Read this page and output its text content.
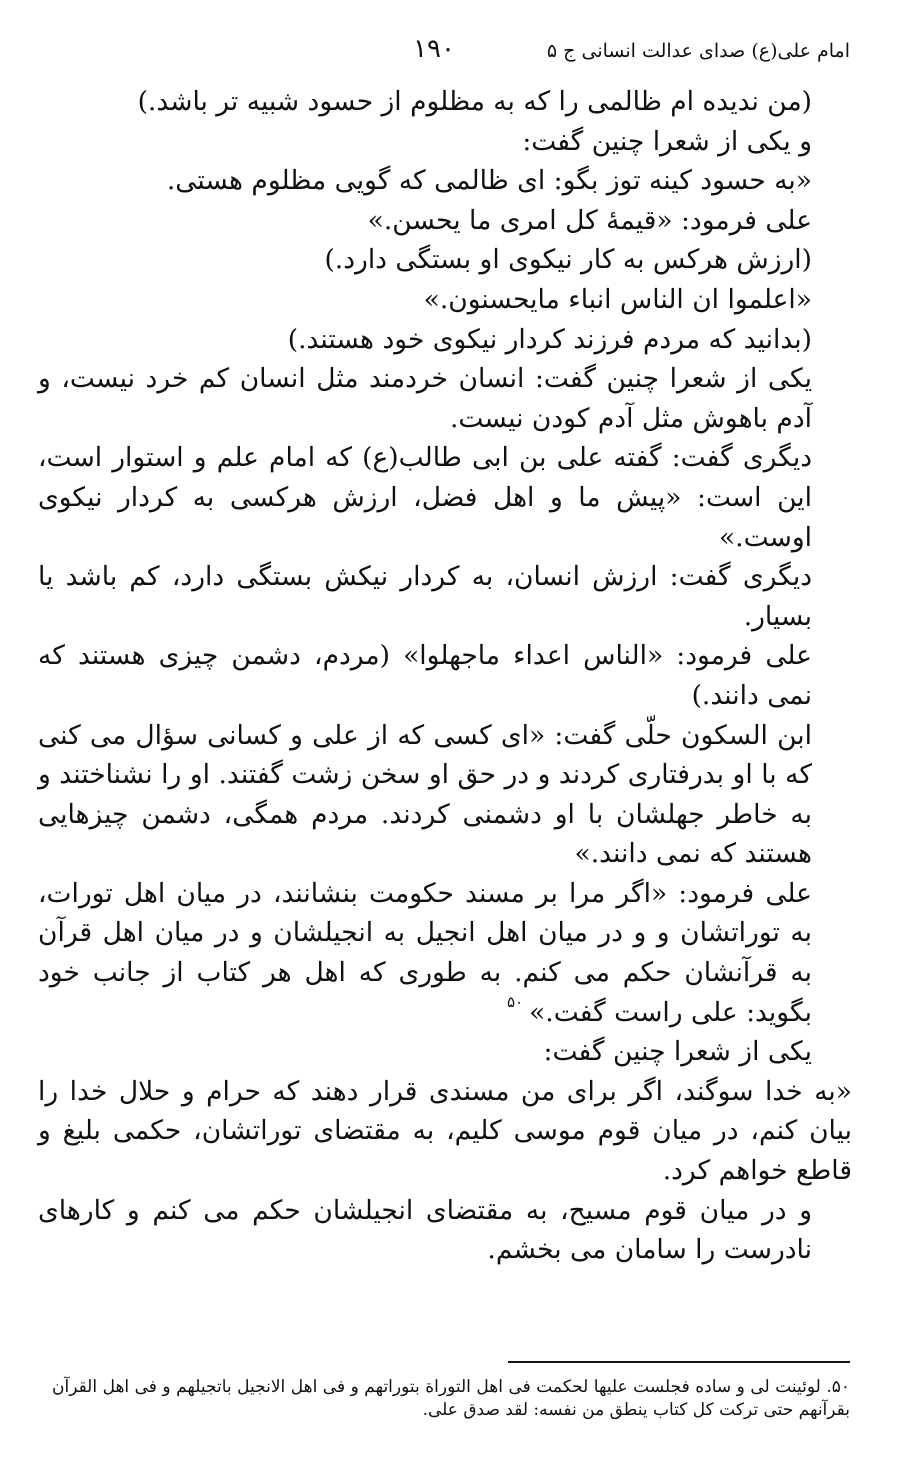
امام علی(ع) صدای عدالت انسانی ج ۵
۱۹۰

(من ندیده ام ظالمی را که به مظلوم از حسود شبیه تر باشد.)

و یکی از شعرا چنین گفت:

«به حسود کینه توز بگو: ای ظالمی که گویی مظلوم هستی.

علی فرمود: «قیمۀ کل امری ما یحسن.»

(ارزش هرکس به کار نیکوی او بستگی دارد.)

«اعلموا ان الناس انباء مایحسنون.»

(بدانید که مردم فرزند کردار نیکوی خود هستند.)

یکی از شعرا چنین گفت: انسان خردمند مثل انسان کم خرد نیست، و آدم باهوش مثل آدم کودن نیست.

دیگری گفت: گفته علی بن ابی طالب(ع) که امام علم و استوار است، این است: «پیش ما و اهل فضل، ارزش هرکسی به کردار نیکوی اوست.»

دیگری گفت: ارزش انسان، به کردار نیکش بستگی دارد، کم باشد یا بسیار.

علی فرمود: «الناس اعداء ماجهلوا» (مردم، دشمن چیزی هستند که نمی دانند.)

ابن السکون حلّی گفت: «ای کسی که از علی و کسانی سؤال می کنی که با او بدرفتاری کردند و در حق او سخن زشت گفتند. او را نشناختند و به خاطر جهلشان با او دشمنی کردند. مردم همگی، دشمن چیزهایی هستند که نمی دانند.»

علی فرمود: «اگر مرا بر مسند حکومت بنشانند، در میان اهل تورات، به توراتشان و و در میان اهل انجیل به انجیلشان و در میان اهل قرآن به قرآنشان حکم می کنم. به طوری که اهل هر کتاب از جانب خود بگوید: علی راست گفت.»$^{۵۰}$

یکی از شعرا چنین گفت:

«به خدا سوگند، اگر برای من مسندی قرار دهند که حرام و حلال خدا را بیان کنم، در میان قوم موسی کلیم، به مقتضای توراتشان، حکمی بلیغ و قاطع خواهم کرد.

و در میان قوم مسیح، به مقتضای انجیلشان حکم می کنم و کارهای نادرست را سامان می بخشم.

۵۰. لوئینت لی و ساده فجلست علیها لحکمت فی اهل التوراة بتوراتهم و فی اهل الانجیل باتجیلهم و فی اهل القرآن بقرآنهم حتی ترکت کل کتاب ینطق من نفسه: لقد صدق علی.
